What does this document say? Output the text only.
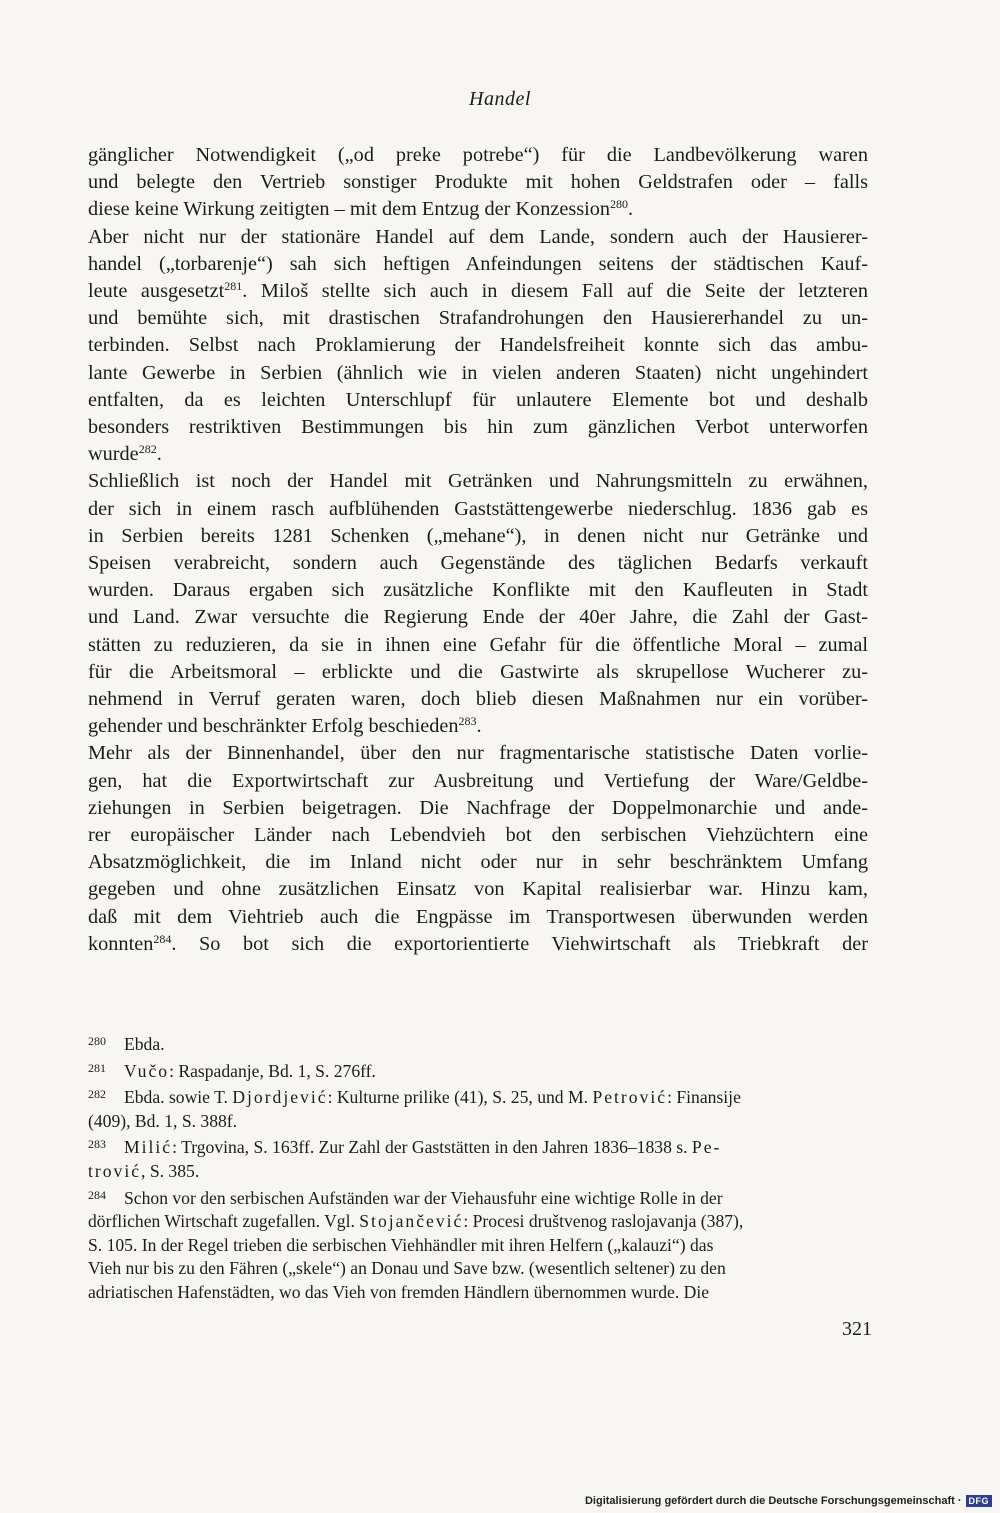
Handel
gänglicher Notwendigkeit („od preke potrebe“) für die Landbevölkerung waren
und belegte den Vertrieb sonstiger Produkte mit hohen Geldstrafen oder – falls
diese keine Wirkung zeitigten – mit dem Entzug der Konzession$^{280}$.
Aber nicht nur der stationäre Handel auf dem Lande, sondern auch der Hausierer-
handel („torbarenje“) sah sich heftigen Anfeindungen seitens der städtischen Kauf-
leute ausgesetzt$^{281}$. Miloš stellte sich auch in diesem Fall auf die Seite der letzteren
und bemühte sich, mit drastischen Strafandrohungen den Hausiererhandel zu un-
terbinden. Selbst nach Proklamierung der Handelsfreiheit konnte sich das ambu-
lante Gewerbe in Serbien (ähnlich wie in vielen anderen Staaten) nicht ungehindert
entfalten, da es leichten Unterschlupf für unlautere Elemente bot und deshalb
besonders restriktiven Bestimmungen bis hin zum gänzlichen Verbot unterworfen
wurde$^{282}$.
Schließlich ist noch der Handel mit Getränken und Nahrungsmitteln zu erwähnen,
der sich in einem rasch aufblühenden Gaststättengewerbe niederschlug. 1836 gab es
in Serbien bereits 1281 Schenken („mehane“), in denen nicht nur Getränke und
Speisen verabreicht, sondern auch Gegenstände des täglichen Bedarfs verkauft
wurden. Daraus ergaben sich zusätzliche Konflikte mit den Kaufleuten in Stadt
und Land. Zwar versuchte die Regierung Ende der 40er Jahre, die Zahl der Gast-
stätten zu reduzieren, da sie in ihnen eine Gefahr für die öffentliche Moral – zumal
für die Arbeitsmoral – erblickte und die Gastwirte als skrupellose Wucherer zu-
nehmend in Verruf geraten waren, doch blieb diesen Maßnahmen nur ein vorüber-
gehender und beschränkter Erfolg beschieden$^{283}$.
Mehr als der Binnenhandel, über den nur fragmentarische statistische Daten vorlie-
gen, hat die Exportwirtschaft zur Ausbreitung und Vertiefung der Ware/Geldbe-
ziehungen in Serbien beigetragen. Die Nachfrage der Doppelmonarchie und ande-
rer europäischer Länder nach Lebendvieh bot den serbischen Viehzüchtern eine
Absatzmöglichkeit, die im Inland nicht oder nur in sehr beschränktem Umfang
gegeben und ohne zusätzlichen Einsatz von Kapital realisierbar war. Hinzu kam,
daß mit dem Viehtrieb auch die Engpässe im Transportwesen überwunden werden
konnten$^{284}$. So bot sich die exportorientierte Viehwirtschaft als Triebkraft der

280 Ebda.

281 Vučo: Raspadanje, Bd. 1, S. 276ff.

282 Ebda. sowie T. Djordjević: Kulturne prilike (41), S. 25, und M. Petrović: Finansije
(409), Bd. 1, S. 388f.

283 Milić: Trgovina, S. 163ff. Zur Zahl der Gaststätten in den Jahren 1836–1838 s. Pe-
trović, S. 385.

284 Schon vor den serbischen Aufständen war der Viehausfuhr eine wichtige Rolle in der
dörflichen Wirtschaft zugefallen. Vgl. Stojančević: Procesi društvenog raslojavanja (387),
S. 105. In der Regel trieben die serbischen Viehhändler mit ihren Helfern („kalauzi“) das
Vieh nur bis zu den Fähren („skele“) an Donau und Save bzw. (wesentlich seltener) zu den
adriatischen Hafenstädten, wo das Vieh von fremden Händlern übernommen wurde. Die

321
Digitalisierung gefördert durch die Deutsche Forschungsgemeinschaft · DFG
